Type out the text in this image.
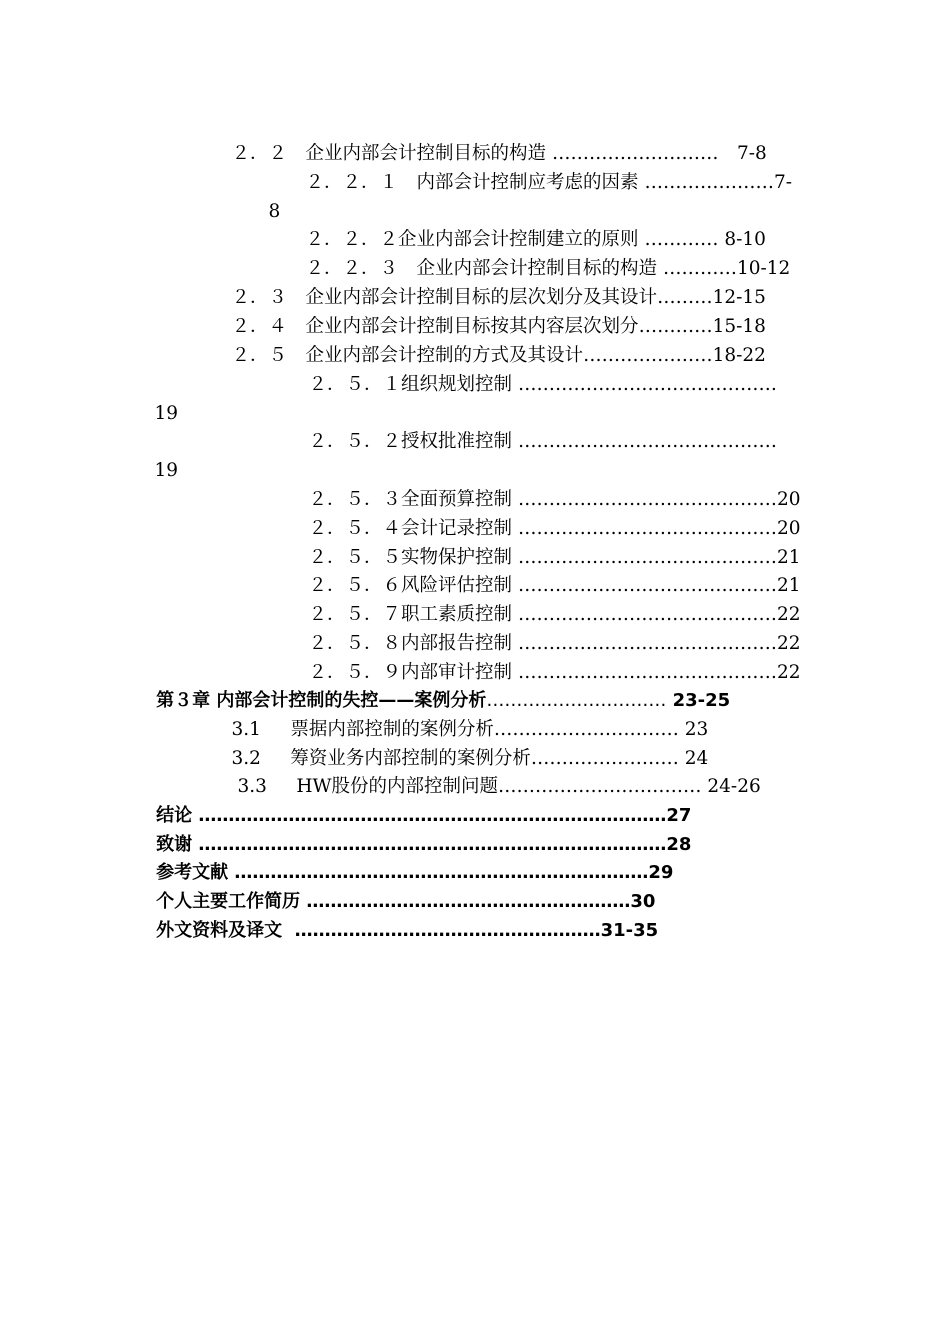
２．２　企业内部会计控制目标的构造 ………………………　7-8

２．２．１　内部会计控制应考虑的因素 …………………7-

8

２．２．２企业内部会计控制建立的原则 ………… 8-10

２．２．３　企业内部会计控制目标的构造 …………10-12

２．３　企业内部会计控制目标的层次划分及其设计………12-15

２．４　企业内部会计控制目标按其内容层次划分…………15-18

２．５　企业内部会计控制的方式及其设计…………………18-22

２．５．１组织规划控制 ……………………………………

19

２．５．２授权批准控制 ……………………………………

19

２．５．３全面预算控制 ……………………………………20

２．５．４会计记录控制 ……………………………………20

２．５．５实物保护控制 ……………………………………21

２．５．６风险评估控制 ……………………………………21

２．５．７职工素质控制 ……………………………………22

２．５．８内部报告控制 ……………………………………22

２．５．９内部审计控制 ……………………………………22

第３章 内部会计控制的失控——案例分析………………………… 23-25

3.1     票据内部控制的案例分析………………………… 23

3.2     筹资业务内部控制的案例分析…………………… 24

3.3     HW股份的内部控制问题…………………………… 24-26

结论 ……………………………………………………………………27

致谢 ……………………………………………………………………28

参考文献 ……………………………………………………………29

个人主要工作简历 ………………………………………………30

外文资料及译文  ……………………………………………31-35
